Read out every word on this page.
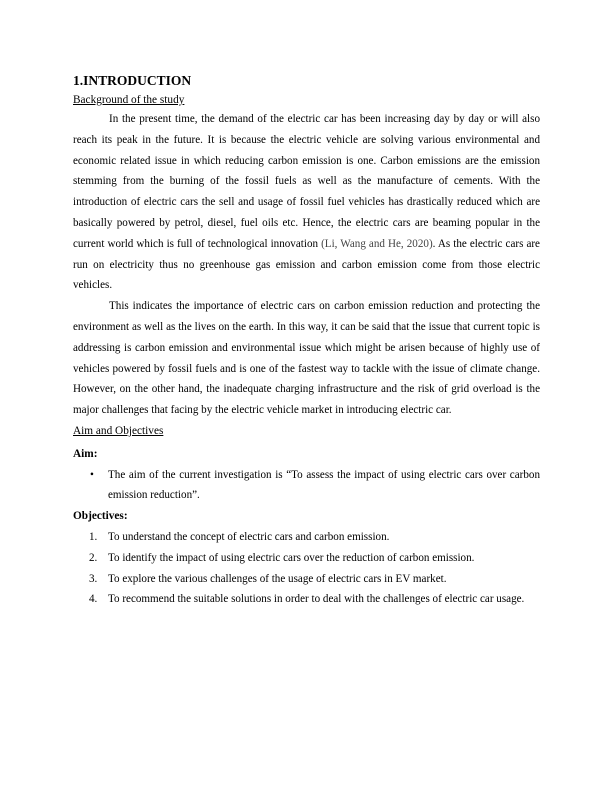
1.INTRODUCTION
Background of the study

In the present time, the demand of the electric car has been increasing day by day or will also reach its peak in the future. It is because the electric vehicle are solving various environmental and economic related issue in which reducing carbon emission is one. Carbon emissions are the emission stemming from the burning of the fossil fuels as well as the manufacture of cements. With the introduction of electric cars the sell and usage of fossil fuel vehicles has drastically reduced which are basically powered by petrol, diesel, fuel oils etc. Hence, the electric cars are beaming popular in the current world which is full of technological innovation (Li, Wang and He, 2020). As the electric cars are run on electricity thus no greenhouse gas emission and carbon emission come from those electric vehicles.

This indicates the importance of electric cars on carbon emission reduction and protecting the environment as well as the lives on the earth. In this way, it can be said that the issue that current topic is addressing is carbon emission and environmental issue which might be arisen because of highly use of vehicles powered by fossil fuels and is one of the fastest way to tackle with the issue of climate change. However, on the other hand, the inadequate charging infrastructure and the risk of grid overload is the major challenges that facing by the electric vehicle market in introducing electric car.

Aim and Objectives
Aim:
• The aim of the current investigation is “To assess the impact of using electric cars over carbon emission reduction”.
Objectives:
1. To understand the concept of electric cars and carbon emission.
2. To identify the impact of using electric cars over the reduction of carbon emission.
3. To explore the various challenges of the usage of electric cars in EV market.
4. To recommend the suitable solutions in order to deal with the challenges of electric car usage.
